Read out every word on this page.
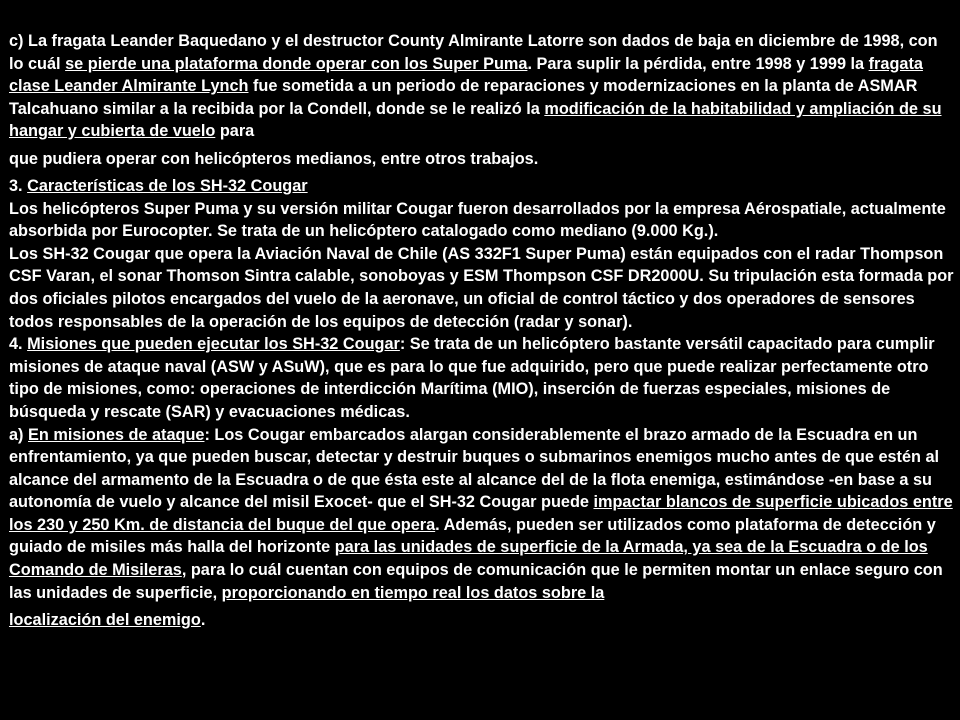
c) La fragata Leander Baquedano y el destructor County Almirante Latorre son dados de baja en diciembre de 1998, con lo cuál se pierde una plataforma donde operar con los Super Puma. Para suplir la pérdida, entre 1998 y 1999 la fragata clase Leander Almirante Lynch fue sometida a un periodo de reparaciones y modernizaciones en la planta de ASMAR Talcahuano similar a la recibida por la Condell, donde se le realizó la modificación de la habitabilidad y ampliación de su hangar y cubierta de vuelo para

que pudiera operar con helicópteros medianos, entre otros trabajos.

3. Características de los SH-32 Cougar

Los helicópteros Super Puma y su versión militar Cougar fueron desarrollados por la empresa Aérospatiale, actualmente absorbida por Eurocopter. Se trata de un helicóptero catalogado como mediano (9.000 Kg.).

Los SH-32 Cougar que opera la Aviación Naval de Chile (AS 332F1 Super Puma) están equipados con el radar Thompson CSF Varan, el sonar Thomson Sintra calable, sonoboyas y ESM Thompson CSF DR2000U. Su tripulación esta formada por dos oficiales pilotos encargados del vuelo de la aeronave, un oficial de control táctico y dos operadores de sensores todos responsables de la operación de los equipos de detección (radar y sonar).

4. Misiones que pueden ejecutar los SH-32 Cougar: Se trata de un helicóptero bastante versátil capacitado para cumplir misiones de ataque naval (ASW y ASuW), que es para lo que fue adquirido, pero que puede realizar perfectamente otro tipo de misiones, como: operaciones de interdicción Marítima (MIO), inserción de fuerzas especiales, misiones de búsqueda y rescate (SAR) y evacuaciones médicas.

a) En misiones de ataque: Los Cougar embarcados alargan considerablemente el brazo armado de la Escuadra en un enfrentamiento, ya que pueden buscar, detectar y destruir buques o submarinos enemigos mucho antes de que estén al alcance del armamento de la Escuadra o de que ésta este al alcance del de la flota enemiga, estimándose -en base a su autonomía de vuelo y alcance del misil Exocet- que el SH-32 Cougar puede impactar blancos de superficie ubicados entre los 230 y 250 Km. de distancia del buque del que opera. Además, pueden ser utilizados como plataforma de detección y guiado de misiles más halla del horizonte para las unidades de superficie de la Armada, ya sea de la Escuadra o de los Comando de Misileras, para lo cuál cuentan con equipos de comunicación que le permiten montar un enlace seguro con las unidades de superficie, proporcionando en tiempo real los datos sobre la

localización del enemigo.
